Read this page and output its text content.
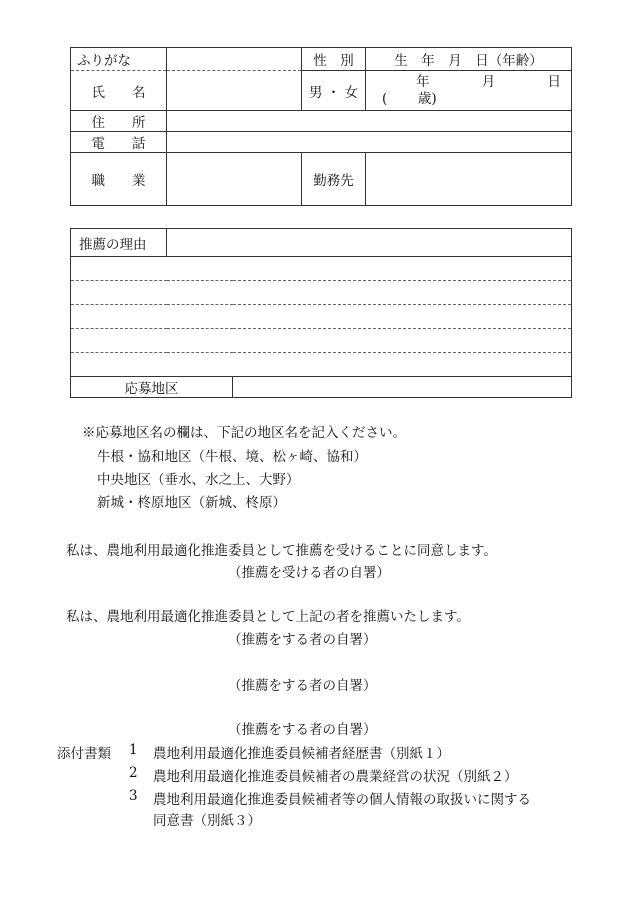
ふりがな		性　別	生　年　月　日（年齢）
氏　　名		男 ・ 女	年 月 日
( 歳)

住　　所			
電　　話			
職　　業		勤務先	
推薦の理由		

応募地区		
※応募地区名の欄は、下記の地区名を記入ください。
牛根・協和地区（牛根、境、松ヶ崎、協和）
中央地区（垂水、水之上、大野）
新城・柊原地区（新城、柊原）
私は、農地利用最適化推進委員として推薦を受けることに同意します。
（推薦を受ける者の自署）
私は、農地利用最適化推進委員として上記の者を推薦いたします。
（推薦をする者の自署）
（推薦をする者の自署）
（推薦をする者の自署）
添付書類 1 農地利用最適化推進委員候補者経歴書（別紙１）
2 農地利用最適化推進委員候補者の農業経営の状況（別紙２）
3 農地利用最適化推進委員候補者等の個人情報の取扱いに関する
同意書（別紙３）
